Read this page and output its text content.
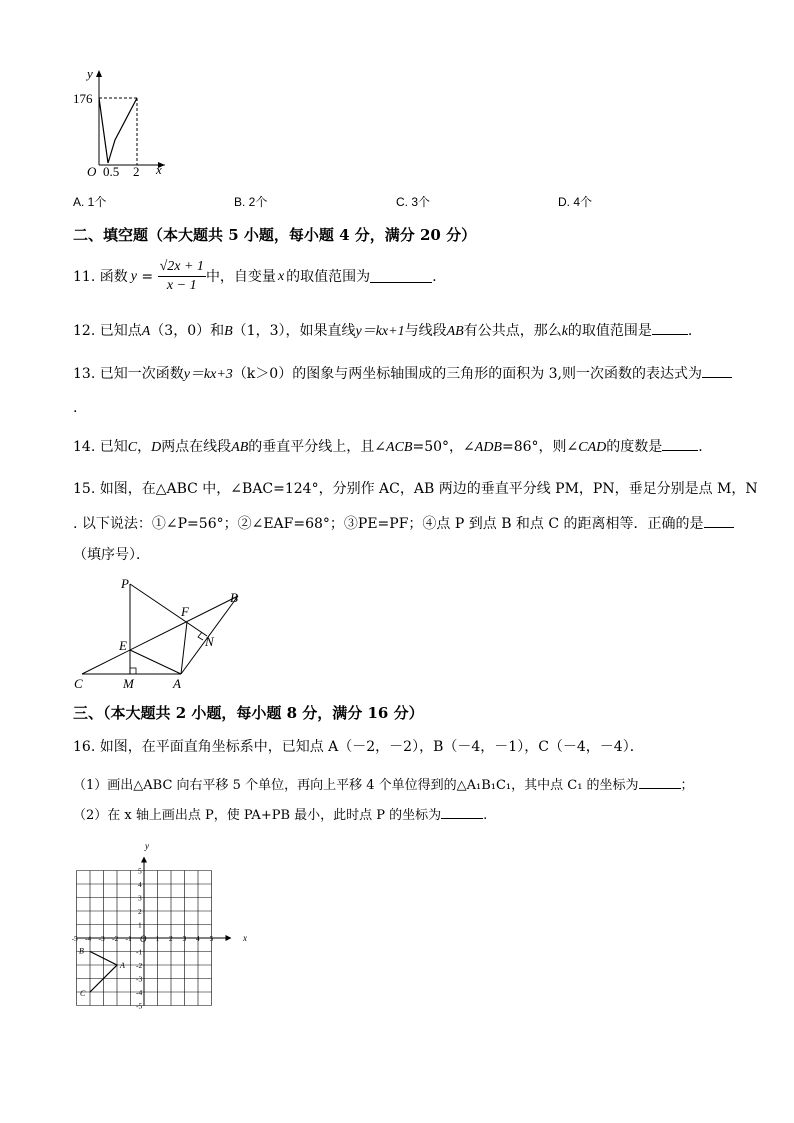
y
176
O 0.5 2 x
A. 1个	B. 2个	C. 3个	D. 4个
二、填空题（本大题共 5 小题，每小题 4 分，满分 20 分）
11. 函数 $y = \frac{√2x + 1}{x - 1}$ 中，自变量 x 的取值范围为	.
12. 已知点A（3，0）和B（1，3），如果直线y＝kx+1与线段AB有公共点，那么k的取值范围是	.
13. 已知一次函数y＝kx+3（k＞0）的图象与两坐标轴围成的三角形的面积为 3,则一次函数的表达式为
.
14. 已知C，D两点在线段AB的垂直平分线上，且∠ACB=50°，∠ADB=86°，则∠CAD的度数是	.
15. 如图，在△ABC 中，∠BAC=124°，分别作 AC，AB 两边的垂直平分线 PM，PN，垂足分别是点 M，N
. 以下说法：①∠P=56°；②∠EAF=68°；③PE=PF；④点 P 到点 B 和点 C 的距离相等．正确的是
（填序号）．
P
B
F
N
E
C	M	A
三、（本大题共 2 小题，每小题 8 分，满分 16 分）
16. 如图，在平面直角坐标系中，已知点 A（－2，－2），B（－4，－1），C（－4，－4）．
（1）画出△ABC 向右平移 5 个单位，再向上平移 4 个单位得到的△A₁B₁C₁，其中点 C₁ 的坐标为	；
（2）在 x 轴上画出点 P，使 PA+PB 最小，此时点 P 的坐标为	.
-5 -4 -3 -2 -1	1 2 3 4 5
5
4
3
2
1
-1
-2
-3
-4
-5
B
A
C
y
x
O
